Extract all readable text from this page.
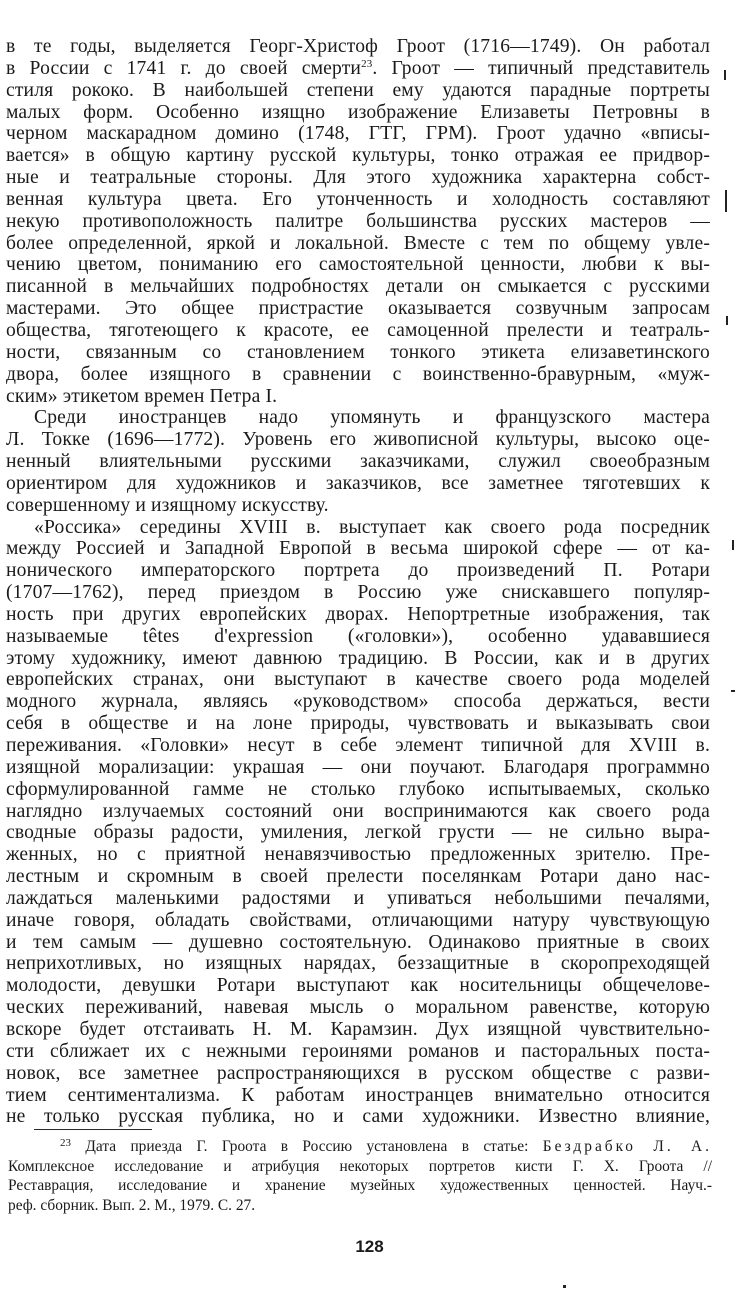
в те годы, выделяется Георг-Христоф Гроот (1716—1749). Он работал
в России с 1741 г. до своей смерти$^{23}$. Гроот — типичный представитель
стиля рококо. В наибольшей степени ему удаются парадные портреты
малых форм. Особенно изящно изображение Елизаветы Петровны в
черном маскарадном домино (1748, ГТГ, ГРМ). Гроот удачно «вписы-
вается» в общую картину русской культуры, тонко отражая ее придвор-
ные и театральные стороны. Для этого художника характерна собст-
венная культура цвета. Его утонченность и холодность составляют
некую противоположность палитре большинства русских мастеров —
более определенной, яркой и локальной. Вместе с тем по общему увле-
чению цветом, пониманию его самостоятельной ценности, любви к вы-
писанной в мельчайших подробностях детали он смыкается с русскими
мастерами. Это общее пристрастие оказывается созвучным запросам
общества, тяготеющего к красоте, ее самоценной прелести и театраль-
ности, связанным со становлением тонкого этикета елизаветинского
двора, более изящного в сравнении с воинственно-бравурным, «муж-
ским» этикетом времен Петра I.

Среди иностранцев надо упомянуть и французского мастера
Л. Токке (1696—1772). Уровень его живописной культуры, высоко оце-
ненный влиятельными русскими заказчиками, служил своеобразным
ориентиром для художников и заказчиков, все заметнее тяготевших к
совершенному и изящному искусству.

«Россика» середины XVIII в. выступает как своего рода посредник
между Россией и Западной Европой в весьма широкой сфере — от ка-
нонического императорского портрета до произведений П. Ротари
(1707—1762), перед приездом в Россию уже снискавшего популяр-
ность при других европейских дворах. Непортретные изображения, так
называемые têtes d'expression («головки»), особенно удававшиеся
этому художнику, имеют давнюю традицию. В России, как и в других
европейских странах, они выступают в качестве своего рода моделей
модного журнала, являясь «руководством» способа держаться, вести
себя в обществе и на лоне природы, чувствовать и выказывать свои
переживания. «Головки» несут в себе элемент типичной для XVIII в.
изящной морализации: украшая — они поучают. Благодаря программно
сформулированной гамме не столько глубоко испытываемых, сколько
наглядно излучаемых состояний они воспринимаются как своего рода
сводные образы радости, умиления, легкой грусти — не сильно выра-
женных, но с приятной ненавязчивостью предложенных зрителю. Пре-
лестным и скромным в своей прелести поселянкам Ротари дано нас-
лаждаться маленькими радостями и упиваться небольшими печалями,
иначе говоря, обладать свойствами, отличающими натуру чувствующую
и тем самым — душевно состоятельную. Одинаково приятные в своих
неприхотливых, но изящных нарядах, беззащитные в скоропреходящей
молодости, девушки Ротари выступают как носительницы общечелове-
ческих переживаний, навевая мысль о моральном равенстве, которую
вскоре будет отстаивать Н. М. Карамзин. Дух изящной чувствительно-
сти сближает их с нежными героинями романов и пасторальных поста-
новок, все заметнее распространяющихся в русском обществе с разви-
тием сентиментализма. К работам иностранцев внимательно относится
не только русская публика, но и сами художники. Известно влияние,

$^{23}$ Дата приезда Г. Гроота в Россию установлена в статье: Бездрабко Л. А.
Комплексное исследование и атрибуция некоторых портретов кисти Г. Х. Гроота //
Реставрация, исследование и хранение музейных художественных ценностей. Науч.-
реф. сборник. Вып. 2. М., 1979. С. 27.
128
